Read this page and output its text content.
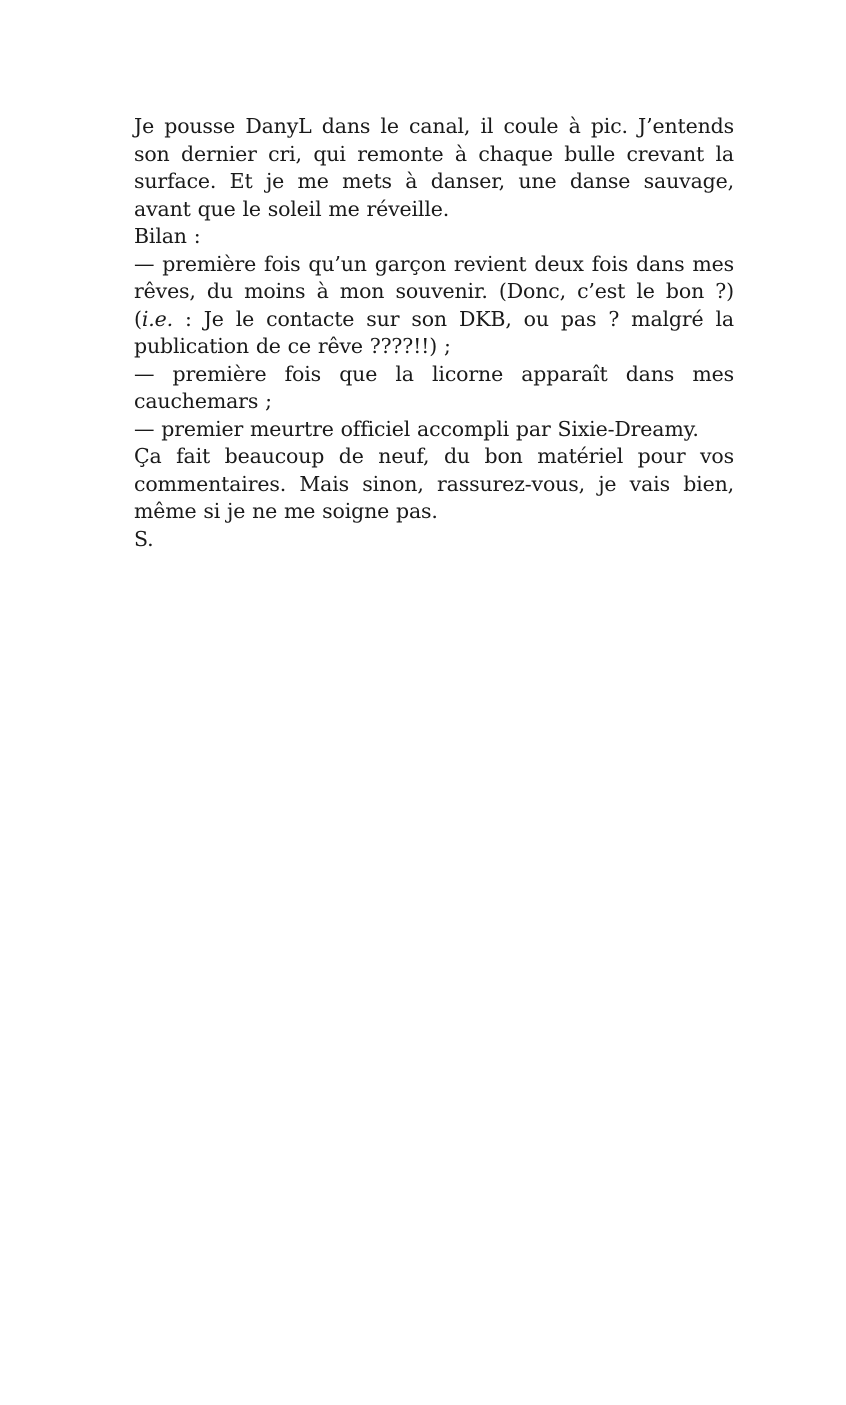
Je pousse DanyL dans le canal, il coule à pic. J’entends son dernier cri, qui remonte à chaque bulle crevant la surface. Et je me mets à danser, une danse sauvage, avant que le soleil me réveille.

Bilan :

— première fois qu’un garçon revient deux fois dans mes rêves, du moins à mon souvenir. (Donc, c’est le bon ?) (i.e. : Je le contacte sur son DKB, ou pas ? malgré la publication de ce rêve ????!!) ;

— première fois que la licorne apparaît dans mes cauchemars ;

— premier meurtre officiel accompli par Sixie-Dreamy.

Ça fait beaucoup de neuf, du bon matériel pour vos commentaires. Mais sinon, rassurez-vous, je vais bien, même si je ne me soigne pas.

S.
